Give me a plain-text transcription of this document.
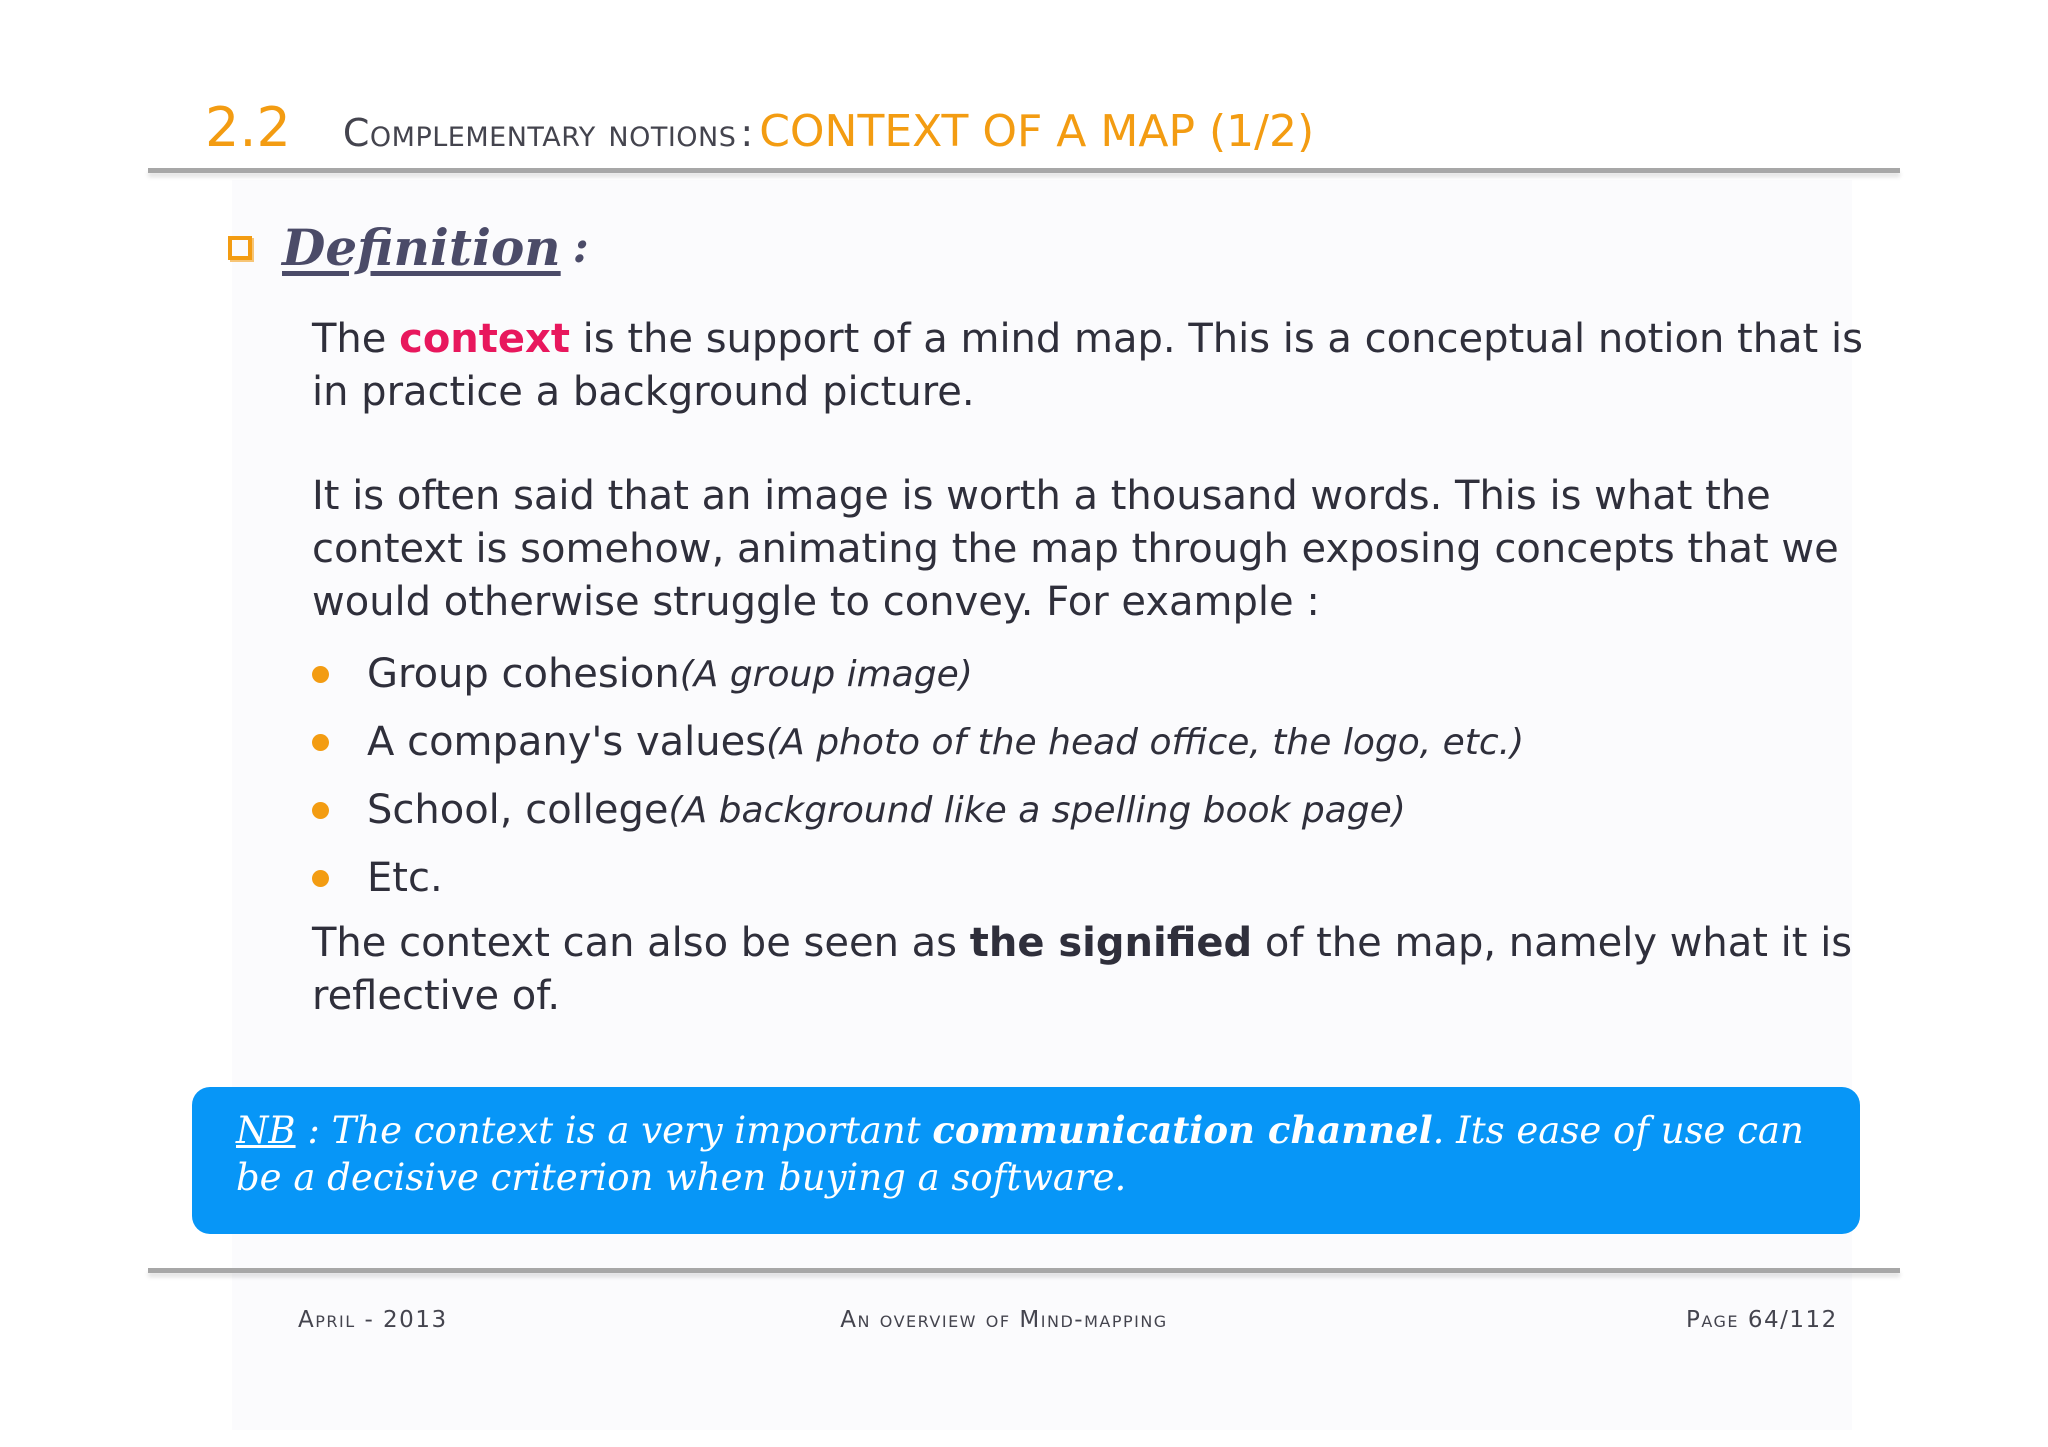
2.2 Complementary notions : CONTEXT OF A MAP (1/2)
Definition :
The context is the support of a mind map. This is a conceptual notion that is in practice a background picture.
It is often said that an image is worth a thousand words. This is what the context is somehow, animating the map through exposing concepts that we would otherwise struggle to convey. For example :
Group cohesion (A group image)
A company's values (A photo of the head office, the logo, etc.)
School, college (A background like a spelling book page)
Etc.
The context can also be seen as the signified of the map, namely what it is reflective of.
NB : The context is a very important communication channel. Its ease of use can be a decisive criterion when buying a software.
April - 2013	An overview of Mind-mapping	Page 64/112
